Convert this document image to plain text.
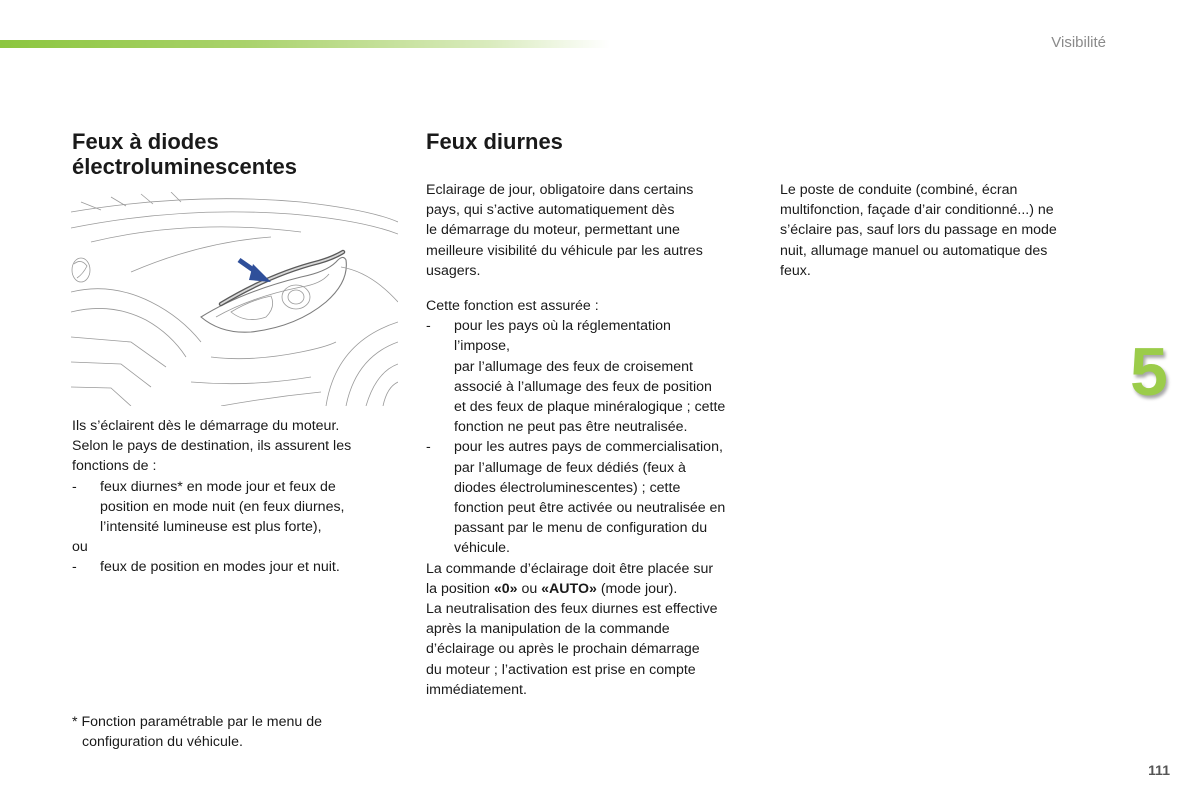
Visibilité
Feux à diodes
électroluminescentes

Ils s’éclairent dès le démarrage du moteur.

Selon le pays de destination, ils assurent les

fonctions de :

- feux diurnes* en mode jour et feux de

position en mode nuit (en feux diurnes,

l’intensité lumineuse est plus forte),

ou

- feux de position en modes jour et nuit.

* Fonction paramétrable par le menu de

configuration du véhicule.

Feux diurnes

Eclairage de jour, obligatoire dans certains

pays, qui s’active automatiquement dès

le démarrage du moteur, permettant une

meilleure visibilité du véhicule par les autres

usagers.

Cette fonction est assurée :

- pour les pays où la réglementation

l’impose,

par l’allumage des feux de croisement

associé à l’allumage des feux de position

et des feux de plaque minéralogique ; cette

fonction ne peut pas être neutralisée.

- pour les autres pays de commercialisation,

par l’allumage de feux dédiés (feux à

diodes électroluminescentes) ; cette

fonction peut être activée ou neutralisée en

passant par le menu de configuration du

véhicule.

La commande d’éclairage doit être placée sur

la position «0» ou «AUTO» (mode jour).

La neutralisation des feux diurnes est effective

après la manipulation de la commande

d’éclairage ou après le prochain démarrage

du moteur ; l’activation est prise en compte

immédiatement.

Le poste de conduite (combiné, écran

multifonction, façade d’air conditionné...) ne

s’éclaire pas, sauf lors du passage en mode

nuit, allumage manuel ou automatique des

feux.

5
111
